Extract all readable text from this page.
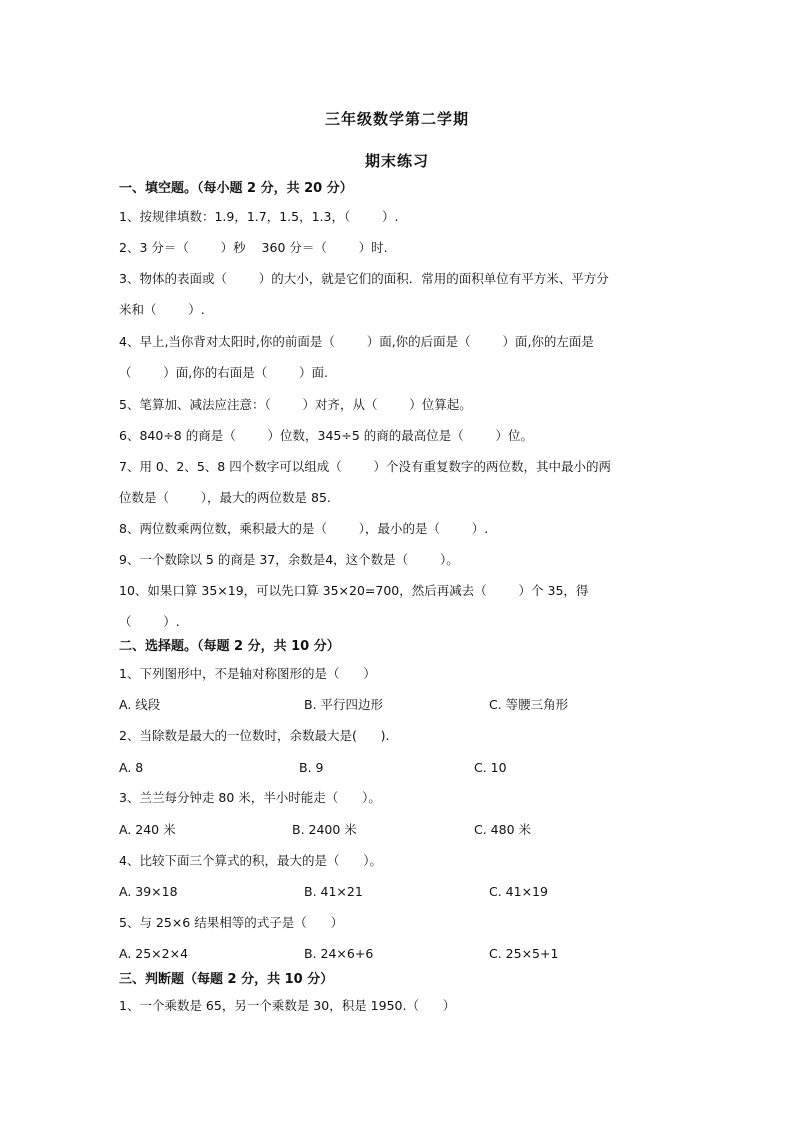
三年级数学第二学期
期末练习
一、填空题。（每小题 2 分，共 20 分）
1、按规律填数：1.9，1.7，1.5，1.3，（        ）.
2、3 分＝（        ）秒    360 分＝（        ）时.
3、物体的表面或（        ）的大小，就是它们的面积．常用的面积单位有平方米、平方分
米和（        ）.
4、早上,当你背对太阳时,你的前面是（        ）面,你的后面是（        ）面,你的左面是
（        ）面,你的右面是（        ）面.
5、笔算加、减法应注意：（        ）对齐，从（        ）位算起。
6、840÷8 的商是（        ）位数，345÷5 的商的最高位是（        ）位。
7、用 0、2、5、8 四个数字可以组成（        ）个没有重复数字的两位数，其中最小的两
位数是（        ），最大的两位数是 85.
8、两位数乘两位数，乘积最大的是（        ），最小的是（        ）.
9、一个数除以 5 的商是 37，余数是4，这个数是（        ）。
10、如果口算 35×19，可以先口算 35×20=700，然后再减去（        ）个 35，得
（        ）.
二、选择题。（每题 2 分，共 10 分）
1、下列图形中，不是轴对称图形的是（      ）
A. 线段	B. 平行四边形	C. 等腰三角形
2、当除数是最大的一位数时，余数最大是(      ).
A. 8	B. 9	C. 10
3、兰兰每分钟走 80 米，半小时能走（      ）。
A. 240 米	B. 2400 米	C. 480 米
4、比较下面三个算式的积，最大的是（      ）。
A. 39×18	B. 41×21	C. 41×19
5、与 25×6 结果相等的式子是（      ）
A. 25×2×4	B. 24×6+6	C. 25×5+1
三、判断题（每题 2 分，共 10 分）
1、一个乘数是 65，另一个乘数是 30，积是 1950.（      ）
